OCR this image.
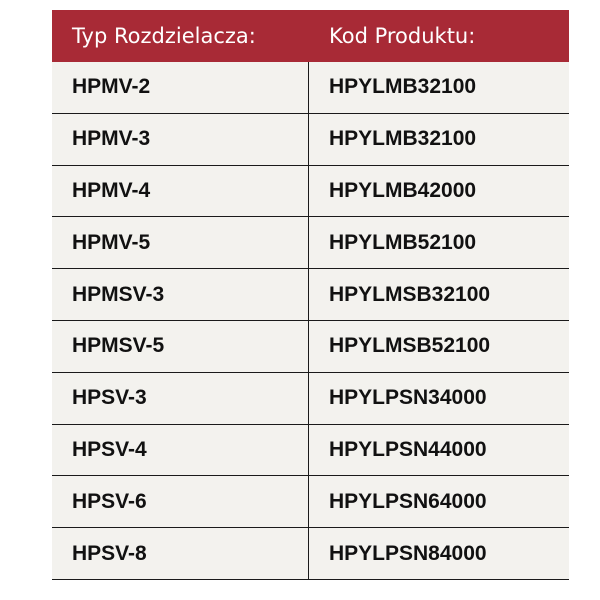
Typ Rozdzielacza:	Kod Produktu:
HPMV-2	HPYLMB32100
HPMV-3	HPYLMB32100
HPMV-4	HPYLMB42000
HPMV-5	HPYLMB52100
HPMSV-3	HPYLMSB32100
HPMSV-5	HPYLMSB52100
HPSV-3	HPYLPSN34000
HPSV-4	HPYLPSN44000
HPSV-6	HPYLPSN64000
HPSV-8	HPYLPSN84000
